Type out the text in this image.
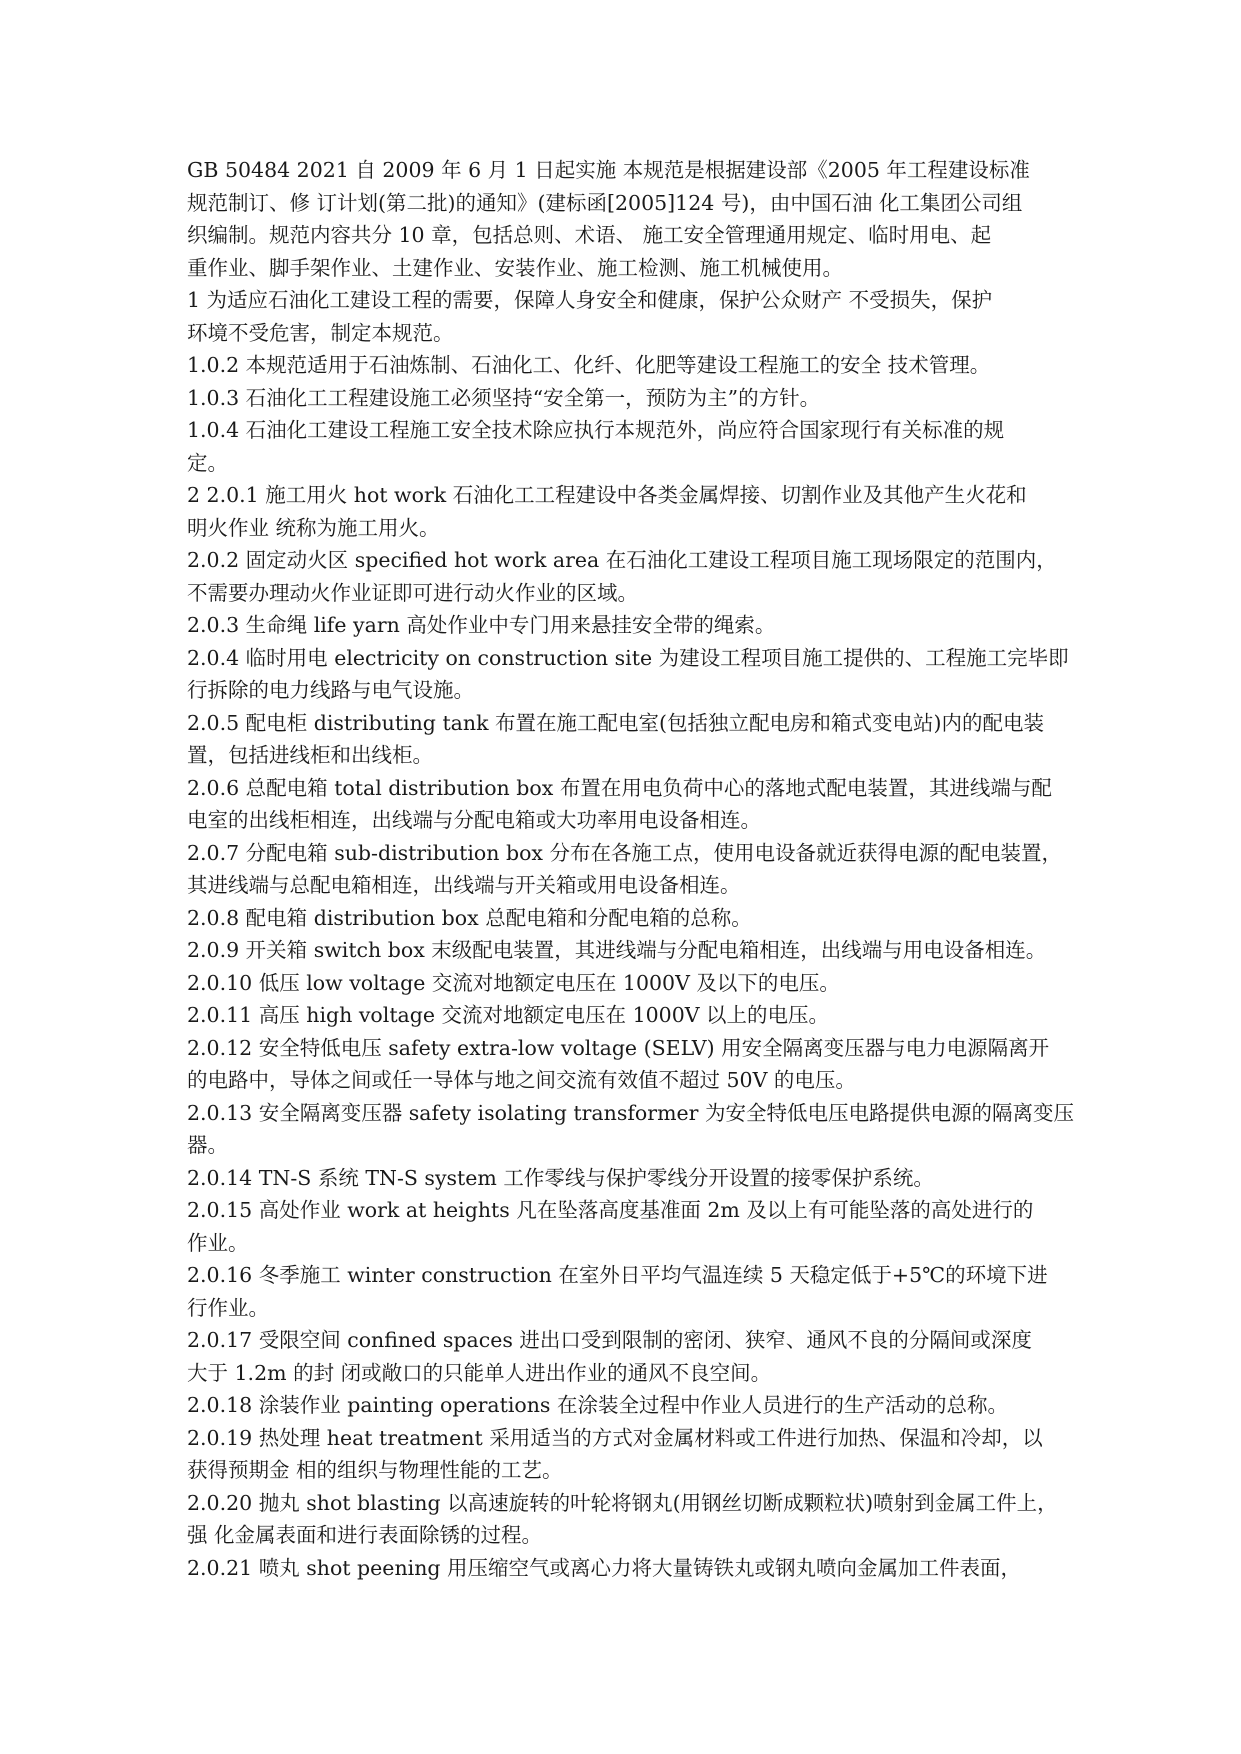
GB 50484 2021 自 2009 年 6 月 1 日起实施 本规范是根据建设部《2005 年工程建设标准
规范制订、修 订计划(第二批)的通知》(建标函[2005]124 号)，由中国石油 化工集团公司组
织编制。规范内容共分 10 章，包括总则、术语、 施工安全管理通用规定、临时用电、起
重作业、脚手架作业、土建作业、安装作业、施工检测、施工机械使用。
1 为适应石油化工建设工程的需要，保障人身安全和健康，保护公众财产 不受损失，保护
环境不受危害，制定本规范。
1.0.2 本规范适用于石油炼制、石油化工、化纤、化肥等建设工程施工的安全 技术管理。
1.0.3 石油化工工程建设施工必须坚持“安全第一，预防为主”的方针。
1.0.4 石油化工建设工程施工安全技术除应执行本规范外，尚应符合国家现行有关标准的规
定。
2 2.0.1 施工用火 hot work 石油化工工程建设中各类金属焊接、切割作业及其他产生火花和
明火作业 统称为施工用火。
2.0.2 固定动火区 specified hot work area 在石油化工建设工程项目施工现场限定的范围内，
不需要办理动火作业证即可进行动火作业的区域。
2.0.3 生命绳 life yarn 高处作业中专门用来悬挂安全带的绳索。
2.0.4 临时用电 electricity on construction site 为建设工程项目施工提供的、工程施工完毕即
行拆除的电力线路与电气设施。
2.0.5 配电柜 distributing tank 布置在施工配电室(包括独立配电房和箱式变电站)内的配电装
置，包括进线柜和出线柜。
2.0.6 总配电箱 total distribution box 布置在用电负荷中心的落地式配电装置，其进线端与配
电室的出线柜相连，出线端与分配电箱或大功率用电设备相连。
2.0.7 分配电箱 sub-distribution box 分布在各施工点，使用电设备就近获得电源的配电装置，
其进线端与总配电箱相连，出线端与开关箱或用电设备相连。
2.0.8 配电箱 distribution box 总配电箱和分配电箱的总称。
2.0.9 开关箱 switch box 末级配电装置，其进线端与分配电箱相连，出线端与用电设备相连。
2.0.10 低压 low voltage 交流对地额定电压在 1000V 及以下的电压。
2.0.11 高压 high voltage 交流对地额定电压在 1000V 以上的电压。
2.0.12 安全特低电压 safety extra-low voltage (SELV) 用安全隔离变压器与电力电源隔离开
的电路中，导体之间或任一导体与地之间交流有效值不超过 50V 的电压。
2.0.13 安全隔离变压器 safety isolating transformer 为安全特低电压电路提供电源的隔离变压
器。
2.0.14 TN-S 系统 TN-S system 工作零线与保护零线分开设置的接零保护系统。
2.0.15 高处作业 work at heights 凡在坠落高度基准面 2m 及以上有可能坠落的高处进行的
作业。
2.0.16 冬季施工 winter construction 在室外日平均气温连续 5 天稳定低于+5℃的环境下进
行作业。
2.0.17 受限空间 confined spaces 进出口受到限制的密闭、狭窄、通风不良的分隔间或深度
大于 1.2m 的封 闭或敞口的只能单人进出作业的通风不良空间。
2.0.18 涂装作业 painting operations 在涂装全过程中作业人员进行的生产活动的总称。
2.0.19 热处理 heat treatment 采用适当的方式对金属材料或工件进行加热、保温和冷却，以
获得预期金 相的组织与物理性能的工艺。
2.0.20 抛丸 shot blasting 以高速旋转的叶轮将钢丸(用钢丝切断成颗粒状)喷射到金属工件上，
强 化金属表面和进行表面除锈的过程。
2.0.21 喷丸 shot peening 用压缩空气或离心力将大量铸铁丸或钢丸喷向金属加工件表面，
